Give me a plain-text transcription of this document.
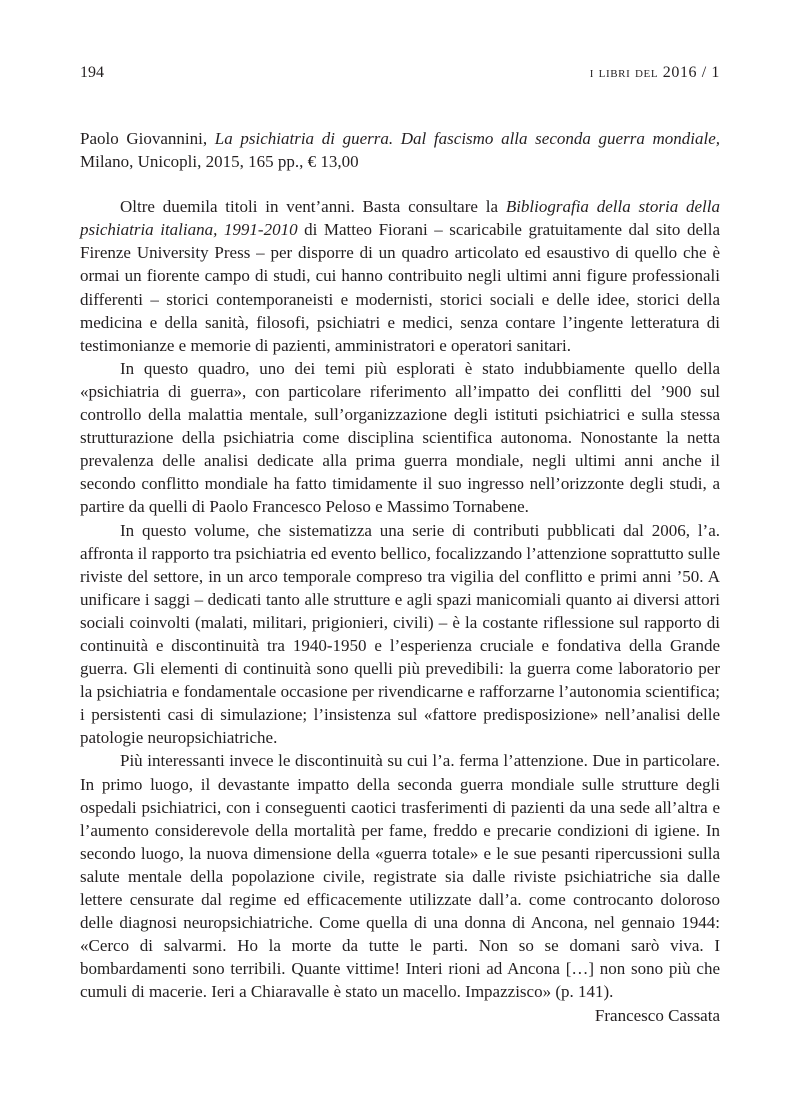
194	i libri del 2016 / 1

Paolo Giovannini, La psichiatria di guerra. Dal fascismo alla seconda guerra mondiale, Milano, Unicopli, 2015, 165 pp., € 13,00

Oltre duemila titoli in vent’anni. Basta consultare la Bibliografia della storia della psichiatria italiana, 1991-2010 di Matteo Fiorani – scaricabile gratuitamente dal sito della Firenze University Press – per disporre di un quadro articolato ed esaustivo di quello che è ormai un fiorente campo di studi, cui hanno contribuito negli ultimi anni figure professionali differenti – storici contemporaneisti e modernisti, storici sociali e delle idee, storici della medicina e della sanità, filosofi, psichiatri e medici, senza contare l’ingente letteratura di testimonianze e memorie di pazienti, amministratori e operatori sanitari.

In questo quadro, uno dei temi più esplorati è stato indubbiamente quello della «psichiatria di guerra», con particolare riferimento all’impatto dei conflitti del ’900 sul controllo della malattia mentale, sull’organizzazione degli istituti psichiatrici e sulla stessa strutturazione della psichiatria come disciplina scientifica autonoma. Nonostante la netta prevalenza delle analisi dedicate alla prima guerra mondiale, negli ultimi anni anche il secondo conflitto mondiale ha fatto timidamente il suo ingresso nell’orizzonte degli studi, a partire da quelli di Paolo Francesco Peloso e Massimo Tornabene.

In questo volume, che sistematizza una serie di contributi pubblicati dal 2006, l’a. affronta il rapporto tra psichiatria ed evento bellico, focalizzando l’attenzione soprattutto sulle riviste del settore, in un arco temporale compreso tra vigilia del conflitto e primi anni ’50. A unificare i saggi – dedicati tanto alle strutture e agli spazi manicomiali quanto ai diversi attori sociali coinvolti (malati, militari, prigionieri, civili) – è la costante riflessione sul rapporto di continuità e discontinuità tra 1940-1950 e l’esperienza cruciale e fondativa della Grande guerra. Gli elementi di continuità sono quelli più prevedibili: la guerra come laboratorio per la psichiatria e fondamentale occasione per rivendicarne e rafforzarne l’autonomia scientifica; i persistenti casi di simulazione; l’insistenza sul «fattore predisposizione» nell’analisi delle patologie neuropsichiatriche.

Più interessanti invece le discontinuità su cui l’a. ferma l’attenzione. Due in particolare. In primo luogo, il devastante impatto della seconda guerra mondiale sulle strutture degli ospedali psichiatrici, con i conseguenti caotici trasferimenti di pazienti da una sede all’altra e l’aumento considerevole della mortalità per fame, freddo e precarie condizioni di igiene. In secondo luogo, la nuova dimensione della «guerra totale» e le sue pesanti ripercussioni sulla salute mentale della popolazione civile, registrate sia dalle riviste psichiatriche sia dalle lettere censurate dal regime ed efficacemente utilizzate dall’a. come controcanto doloroso delle diagnosi neuropsichiatriche. Come quella di una donna di Ancona, nel gennaio 1944: «Cerco di salvarmi. Ho la morte da tutte le parti. Non so se domani sarò viva. I bombardamenti sono terribili. Quante vittime! Interi rioni ad Ancona […] non sono più che cumuli di macerie. Ieri a Chiaravalle è stato un macello. Impazzisco» (p. 141).

Francesco Cassata
